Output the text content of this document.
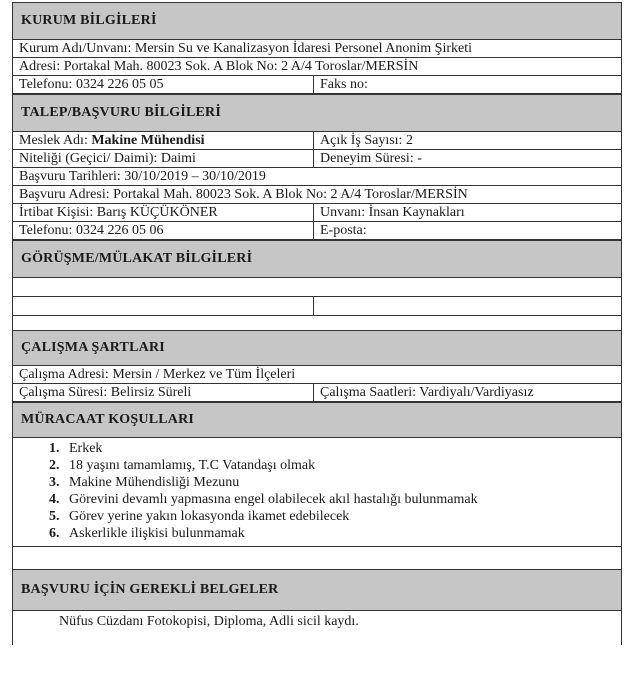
KURUM BİLGİLERİ
Kurum Adı/Unvanı: Mersin Su ve Kanalizasyon İdaresi Personel Anonim Şirketi
Adresi: Portakal Mah. 80023 Sok. A Blok No: 2 A/4 Toroslar/MERSİN
Telefonu: 0324 226 05 05	Faks no:
TALEP/BAŞVURU BİLGİLERİ
Meslek Adı: Makine Mühendisi	Açık İş Sayısı: 2
Niteliği (Geçici/ Daimi): Daimi	Deneyim Süresi: -
Başvuru Tarihleri: 30/10/2019 – 30/10/2019
Başvuru Adresi: Portakal Mah. 80023 Sok. A Blok No: 2 A/4 Toroslar/MERSİN
İrtibat Kişisi: Barış KÜÇÜKÖNER	Unvanı: İnsan Kaynakları
Telefonu: 0324 226 05 06	E-posta:
GÖRÜŞME/MÜLAKAT BİLGİLERİ
ÇALIŞMA ŞARTLARI
Çalışma Adresi: Mersin / Merkez ve Tüm İlçeleri
Çalışma Süresi: Belirsiz Süreli	Çalışma Saatleri: Vardiyalı/Vardiyasız
MÜRACAAT KOŞULLARI
1. Erkek
2. 18 yaşını tamamlamış, T.C Vatandaşı olmak
3. Makine Mühendisliği Mezunu
4. Görevini devamlı yapmasına engel olabilecek akıl hastalığı bulunmamak
5. Görev yerine yakın lokasyonda ikamet edebilecek
6. Askerlikle ilişkisi bulunmamak
BAŞVURU İÇİN GEREKLİ BELGELER
Nüfus Cüzdanı Fotokopisi, Diploma, Adli sicil kaydı.
